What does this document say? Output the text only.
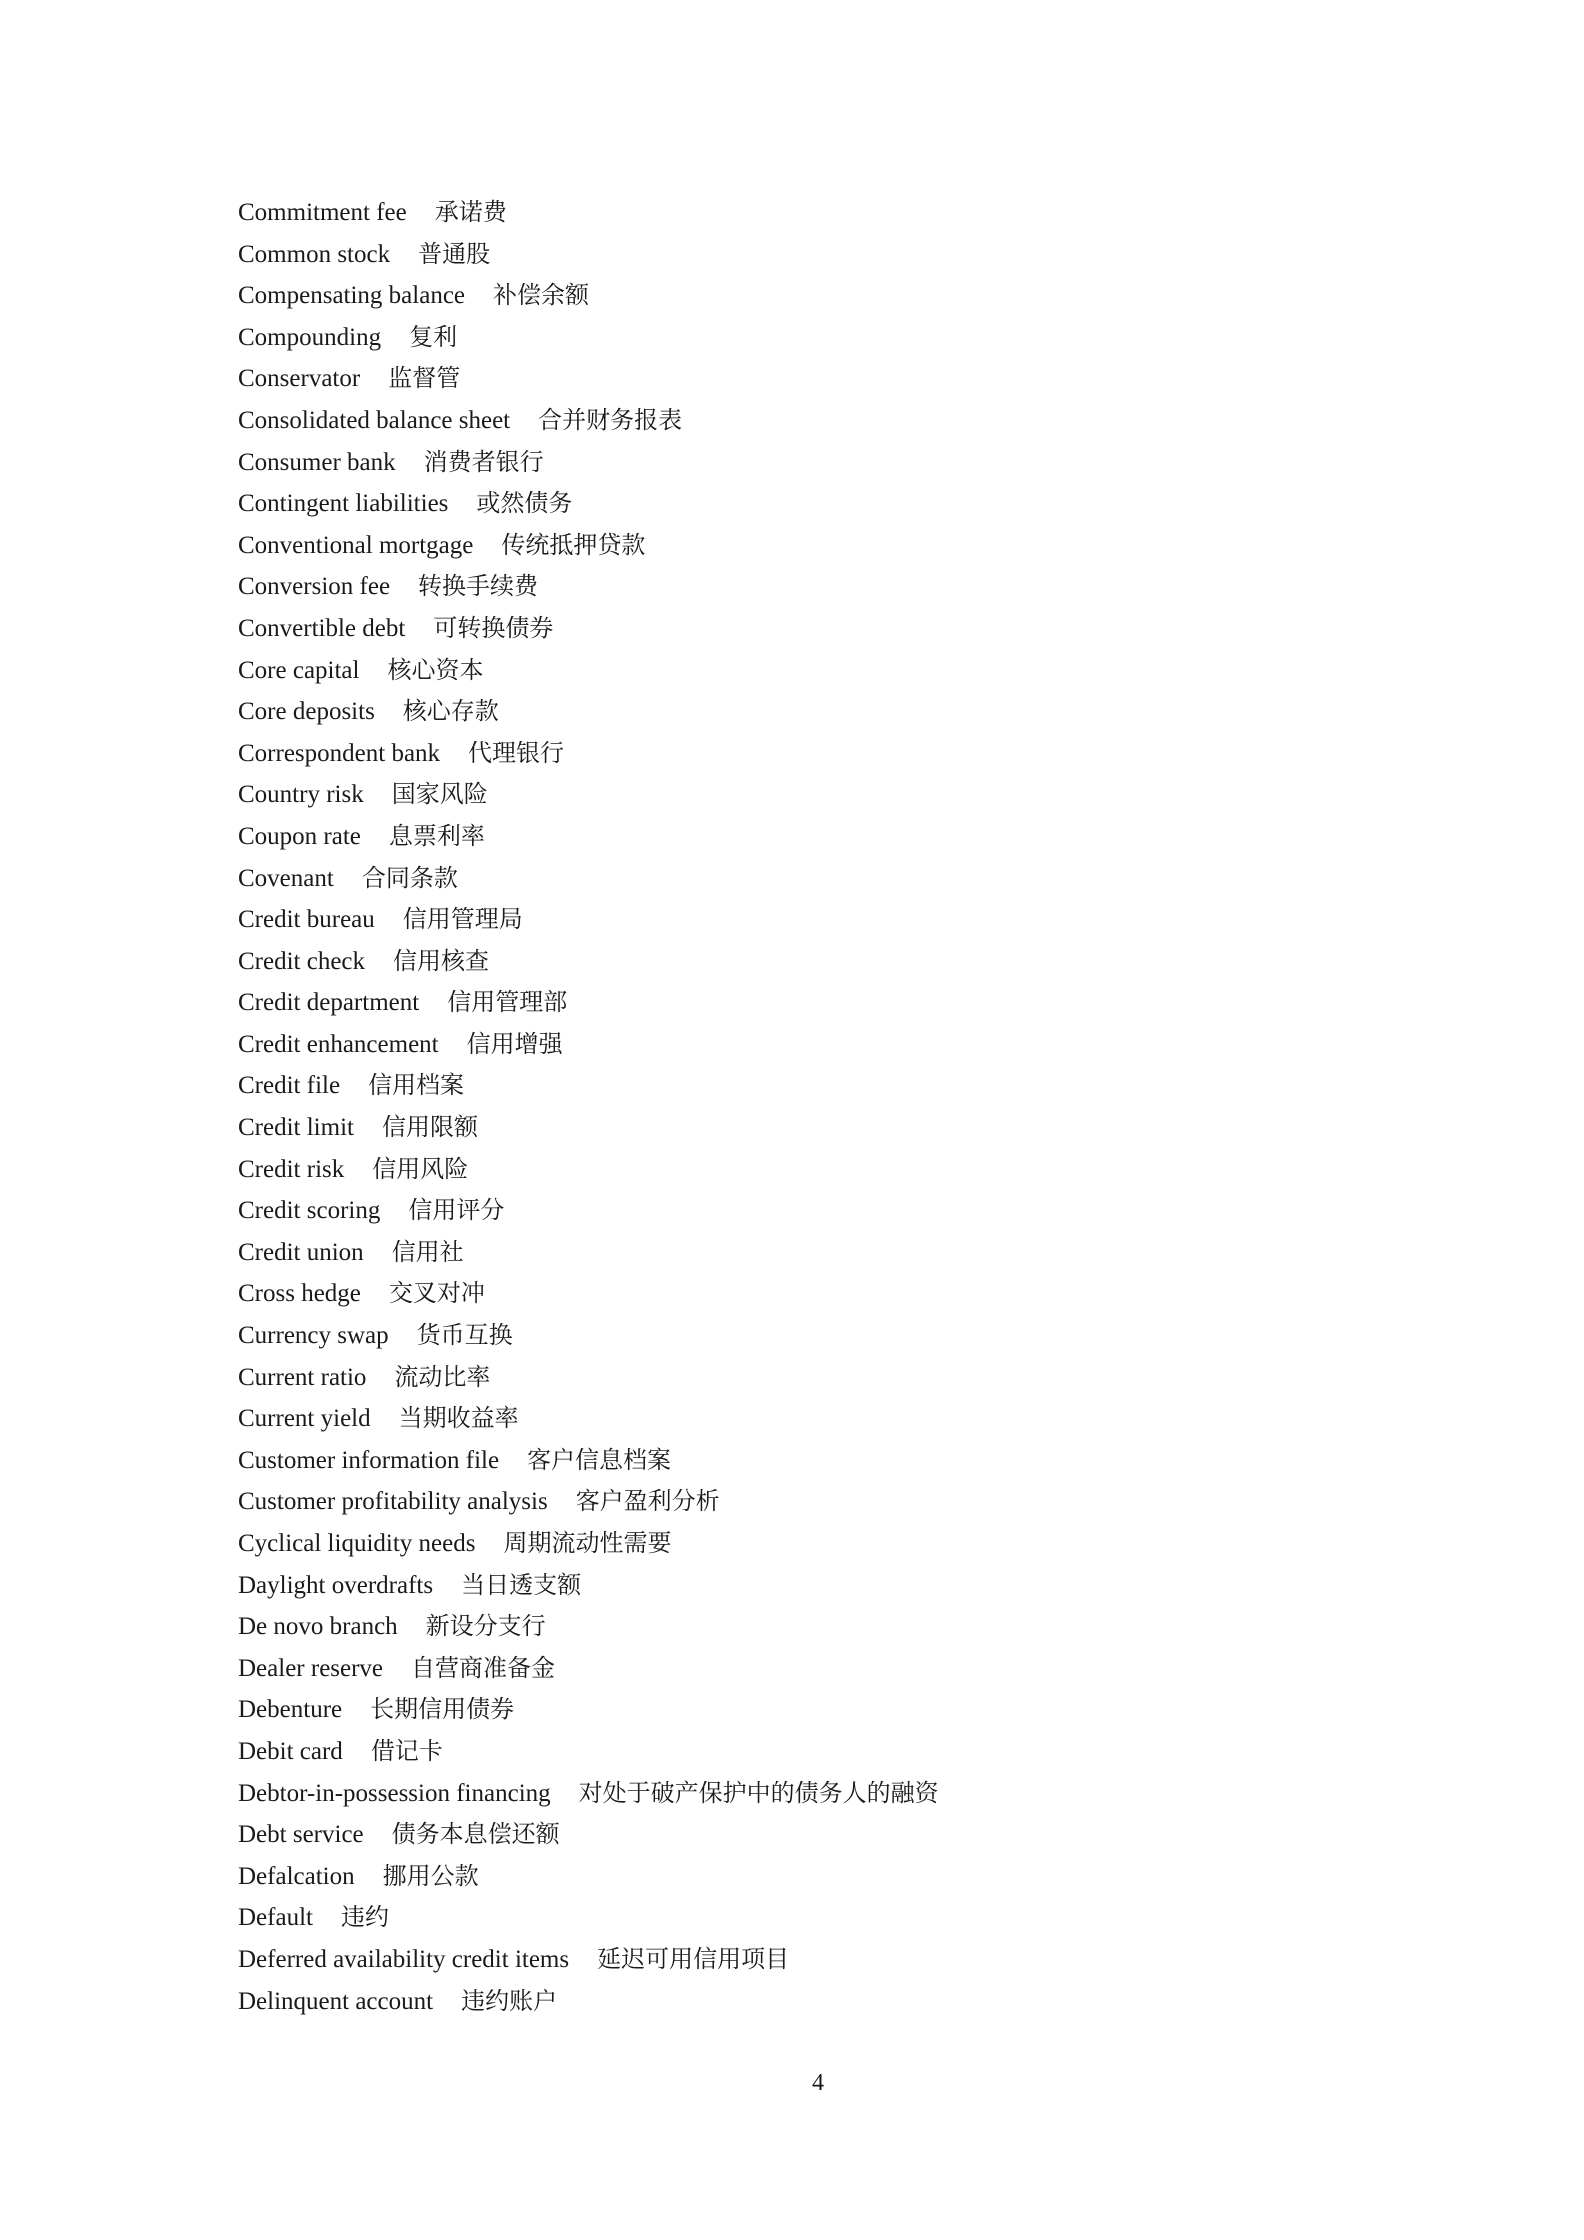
Commitment fee 承诺费
Common stock 普通股
Compensating balance 补偿余额
Compounding 复利
Conservator 监督管
Consolidated balance sheet 合并财务报表
Consumer bank 消费者银行
Contingent liabilities 或然债务
Conventional mortgage 传统抵押贷款
Conversion fee 转换手续费
Convertible debt 可转换债券
Core capital 核心资本
Core deposits 核心存款
Correspondent bank 代理银行
Country risk 国家风险
Coupon rate 息票利率
Covenant 合同条款
Credit bureau 信用管理局
Credit check 信用核查
Credit department 信用管理部
Credit enhancement 信用增强
Credit file 信用档案
Credit limit 信用限额
Credit risk 信用风险
Credit scoring 信用评分
Credit union 信用社
Cross hedge 交叉对冲
Currency swap 货币互换
Current ratio 流动比率
Current yield 当期收益率
Customer information file 客户信息档案
Customer profitability analysis 客户盈利分析
Cyclical liquidity needs 周期流动性需要
Daylight overdrafts 当日透支额
De novo branch 新设分支行
Dealer reserve 自营商准备金
Debenture 长期信用债券
Debit card 借记卡
Debtor-in-possession financing 对处于破产保护中的债务人的融资
Debt service 债务本息偿还额
Defalcation 挪用公款
Default 违约
Deferred availability credit items 延迟可用信用项目
Delinquent account 违约账户
4
